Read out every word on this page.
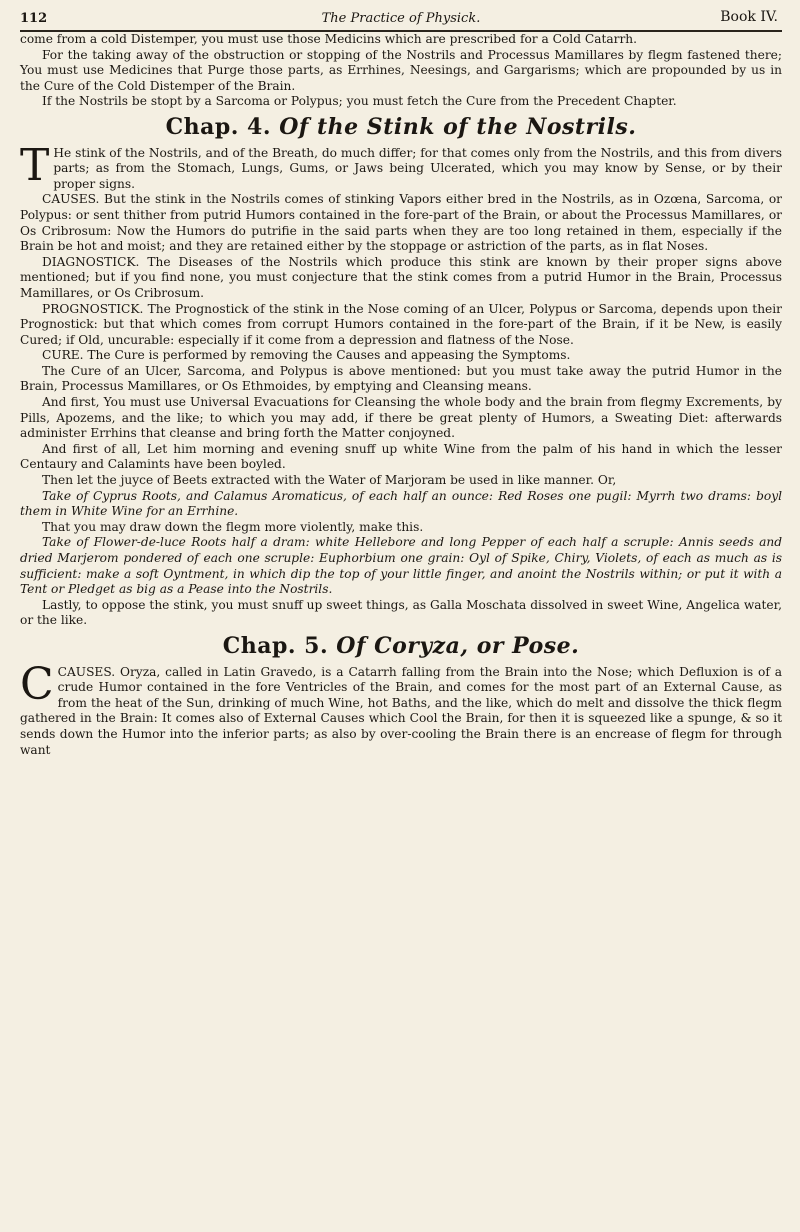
112	The Practice of Physick.	Book IV.

come from a cold Distemper, you must use those Medicins which are prescribed for a Cold Catarrh.

For the taking away of the obstruction or stopping of the Nostrils and Processus Mamillares by flegm fastened there; You must use Medicines that Purge those parts, as Errhines, Neesings, and Gargarisms; which are propounded by us in the Cure of the Cold Distemper of the Brain.

If the Nostrils be stopt by a Sarcoma or Polypus; you must fetch the Cure from the Precedent Chapter.

Chap. 4. Of the Stink of the Nostrils.
T He stink of the Nostrils, and of the Breath, do much differ; for that comes only from the Nostrils, and this from divers parts; as from the Stomach, Lungs, Gums, or Jaws being Ulcerated, which you may know by Sense, or by their proper signs.

CAUSES. But the stink in the Nostrils comes of stinking Vapors either bred in the Nostrils, as in Ozœna, Sarcoma, or Polypus: or sent thither from putrid Humors contained in the fore-part of the Brain, or about the Processus Mamillares, or Os Cribrosum: Now the Humors do putrifie in the said parts when they are too long retained in them, especially if the Brain be hot and moist; and they are retained either by the stoppage or astriction of the parts, as in flat Noses.

DIAGNOSTICK. The Diseases of the Nostrils which produce this stink are known by their proper signs above mentioned; but if you find none, you must conjecture that the stink comes from a putrid Humor in the Brain, Processus Mamillares, or Os Cribrosum.

PROGNOSTICK. The Prognostick of the stink in the Nose coming of an Ulcer, Polypus or Sarcoma, depends upon their Prognostick: but that which comes from corrupt Humors contained in the fore-part of the Brain, if it be New, is easily Cured; if Old, uncurable: especially if it come from a depression and flatness of the Nose.

CURE. The Cure is performed by removing the Causes and appeasing the Symptoms.

The Cure of an Ulcer, Sarcoma, and Polypus is above mentioned: but you must take away the putrid Humor in the Brain, Processus Mamillares, or Os Ethmoides, by emptying and Cleansing means.

And first, You must use Universal Evacuations for Cleansing the whole body and the brain from flegmy Excrements, by Pills, Apozems, and the like; to which you may add, if there be great plenty of Humors, a Sweating Diet: afterwards administer Errhins that cleanse and bring forth the Matter conjoyned.

And first of all, Let him morning and evening snuff up white Wine from the palm of his hand in which the lesser Centaury and Calamints have been boyled.

Then let the juyce of Beets extracted with the Water of Marjoram be used in like manner. Or,

Take of Cyprus Roots, and Calamus Aromaticus, of each half an ounce: Red Roses one pugil: Myrrh two drams: boyl them in White Wine for an Errhine.

That you may draw down the flegm more violently, make this.

Take of Flower-de-luce Roots half a dram: white Hellebore and long Pepper of each half a scruple: Annis seeds and dried Marjerom pondered of each one scruple: Euphorbium one grain: Oyl of Spike, Chiry, Violets, of each as much as is sufficient: make a soft Oyntment, in which dip the top of your little finger, and anoint the Nostrils within; or put it with a Tent or Pledget as big as a Pease into the Nostrils.

Lastly, to oppose the stink, you must snuff up sweet things, as Galla Moschata dissolved in sweet Wine, Angelica water, or the like.

Chap. 5. Of Coryza, or Pose.
C CAUSES. Oryza, called in Latin Gravedo, is a Catarrh falling from the Brain into the Nose; which Defluxion is of a crude Humor contained in the fore Ventricles of the Brain, and comes for the most part of an External Cause, as from the heat of the Sun, drinking of much Wine, hot Baths, and the like, which do melt and dissolve the thick flegm gathered in the Brain: It comes also of External Causes which Cool the Brain, for then it is squeezed like a spunge, & so it sends down the Humor into the inferior parts; as also by over-cooling the Brain there is an encrease of flegm for through want
